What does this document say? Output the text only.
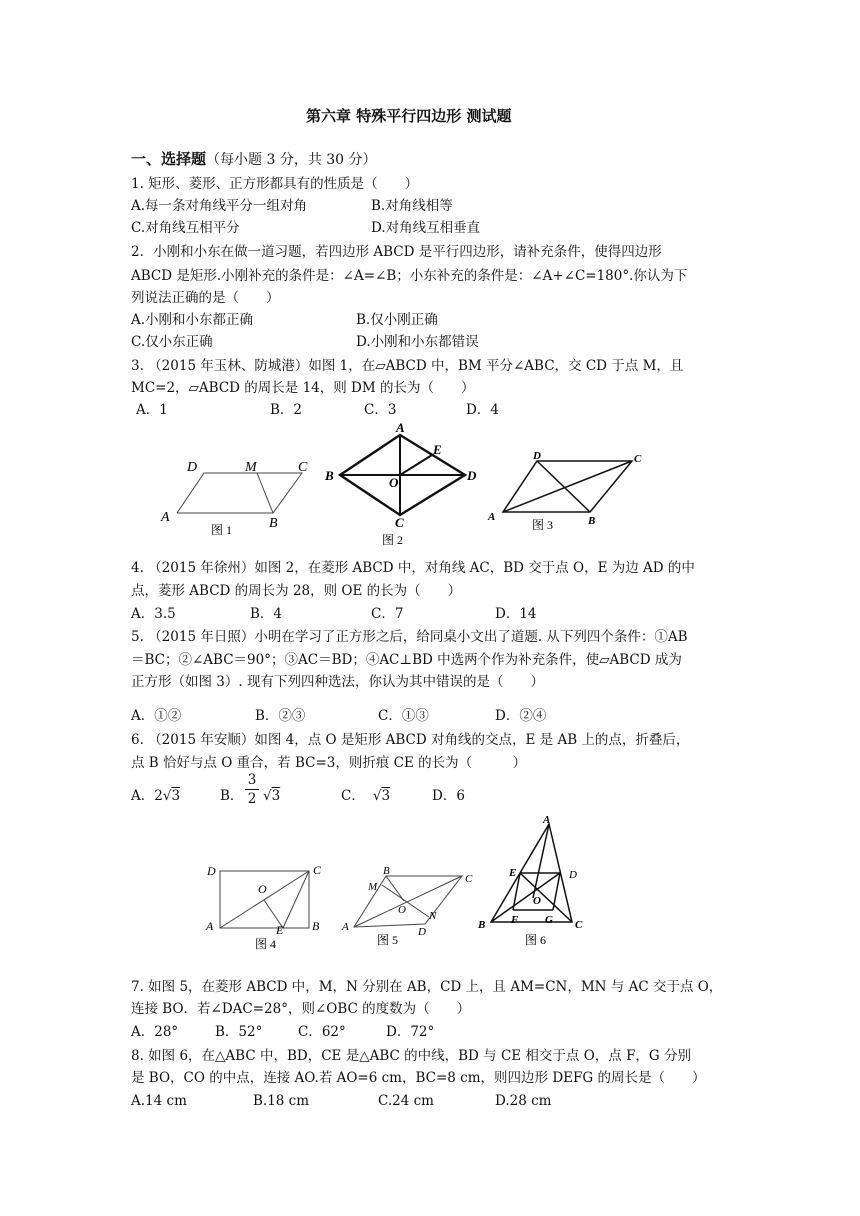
第六章 特殊平行四边形 测试题
一、选择题（每小题 3 分，共 30 分）
1. 矩形、菱形、正方形都具有的性质是（　　）
A.每一条对角线平分一组对角	B.对角线相等
C.对角线互相平分	D.对角线互相垂直
2．小刚和小东在做一道习题，若四边形 ABCD 是平行四边形，请补充条件，使得四边形
ABCD 是矩形.小刚补充的条件是：∠A=∠B；小东补充的条件是：∠A+∠C=180°.你认为下
列说法正确的是（　　）
A.小刚和小东都正确	B.仅小刚正确
C.仅小东正确	D.小刚和小东都错误
3. （2015 年玉林、防城港）如图 1，在▱ABCD 中，BM 平分∠ABC，交 CD 于点 M，且
MC=2，▱ABCD 的周长是 14，则 DM 的长为（　　）
A．1	B．2	C．3	D．4
D	M	C
A	B
图 1
A
E
B	O	D
C
图 2
D	C
A	B
图 3
4. （2015 年徐州）如图 2，在菱形 ABCD 中，对角线 AC，BD 交于点 O，E 为边 AD 的中
点，菱形 ABCD 的周长为 28，则 OE 的长为（　　）
A．3.5	B．4	C．7	D．14
5. （2015 年日照）小明在学习了正方形之后，给同桌小文出了道题. 从下列四个条件：①AB
＝BC；②∠ABC＝90°；③AC＝BD；④AC⊥BD 中选两个作为补充条件，使▱ABCD 成为
正方形（如图 3）. 现有下列四种选法，你认为其中错误的是（　　）
A．①②	B．②③	C．①③	D．②④
6. （2015 年安顺）如图 4，点 O 是矩形 ABCD 对角线的交点，E 是 AB 上的点，折叠后，
点 B 恰好与点 O 重合，若 BC=3，则折痕 CE 的长为（　　　）
A．2√3	B．
3
2 √3	C． √3	D．6
D	C
O
A	E B
图 4
B
C
M
O N
A	D
图 5
A
E	D
O
F G
B	C
图 6
7. 如图 5，在菱形 ABCD 中，M，N 分别在 AB，CD 上，且 AM=CN，MN 与 AC 交于点 O，
连接 BO．若∠DAC=28°，则∠OBC 的度数为（　　）
A．28°	B．52°	C．62°	D．72°
8. 如图 6，在△ABC 中，BD，CE 是△ABC 的中线，BD 与 CE 相交于点 O，点 F，G 分别
是 BO，CO 的中点，连接 AO.若 AO=6 cm，BC=8 cm，则四边形 DEFG 的周长是（　　）
A.14 cm	B.18 cm	C.24 cm	D.28 cm
